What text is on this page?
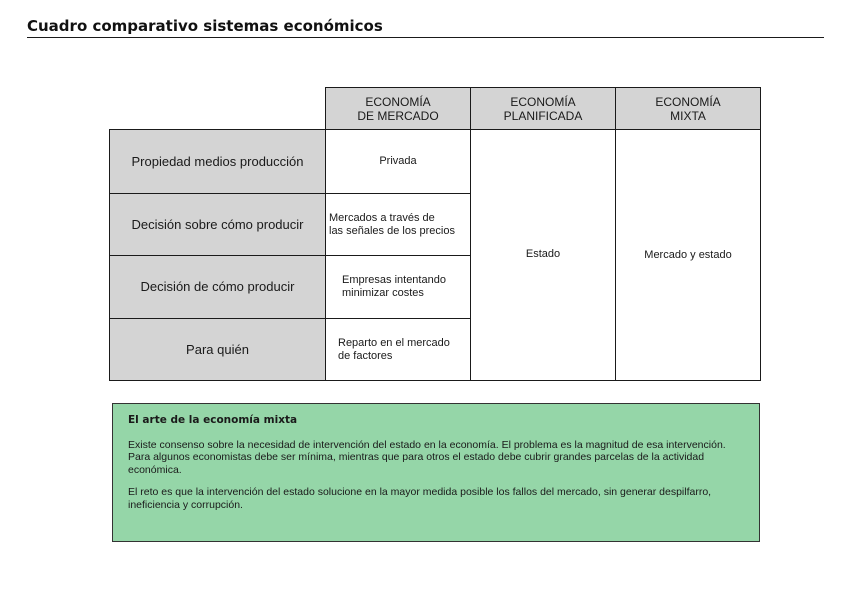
Cuadro comparativo sistemas económicos
ECONOMÍA
DE MERCADO
ECONOMÍA
PLANIFICADA
ECONOMÍA
MIXTA
Propiedad medios producción
Decisión sobre cómo producir
Decisión de cómo producir
Para quién
Privada
Mercados a través de
las señales de los precios
Empresas intentando
minimizar costes
Reparto en el mercado
de factores
Estado	Mercado y estado
El arte de la economía mixta

Existe consenso sobre la necesidad de intervención del estado en la economía. El problema es la magnitud de esa intervención. Para algunos economistas debe ser mínima, mientras que para otros el estado debe cubrir grandes parcelas de la actividad económica.

El reto es que la intervención del estado solucione en la mayor medida posible los fallos del mercado, sin generar despilfarro, ineficiencia y corrupción.
